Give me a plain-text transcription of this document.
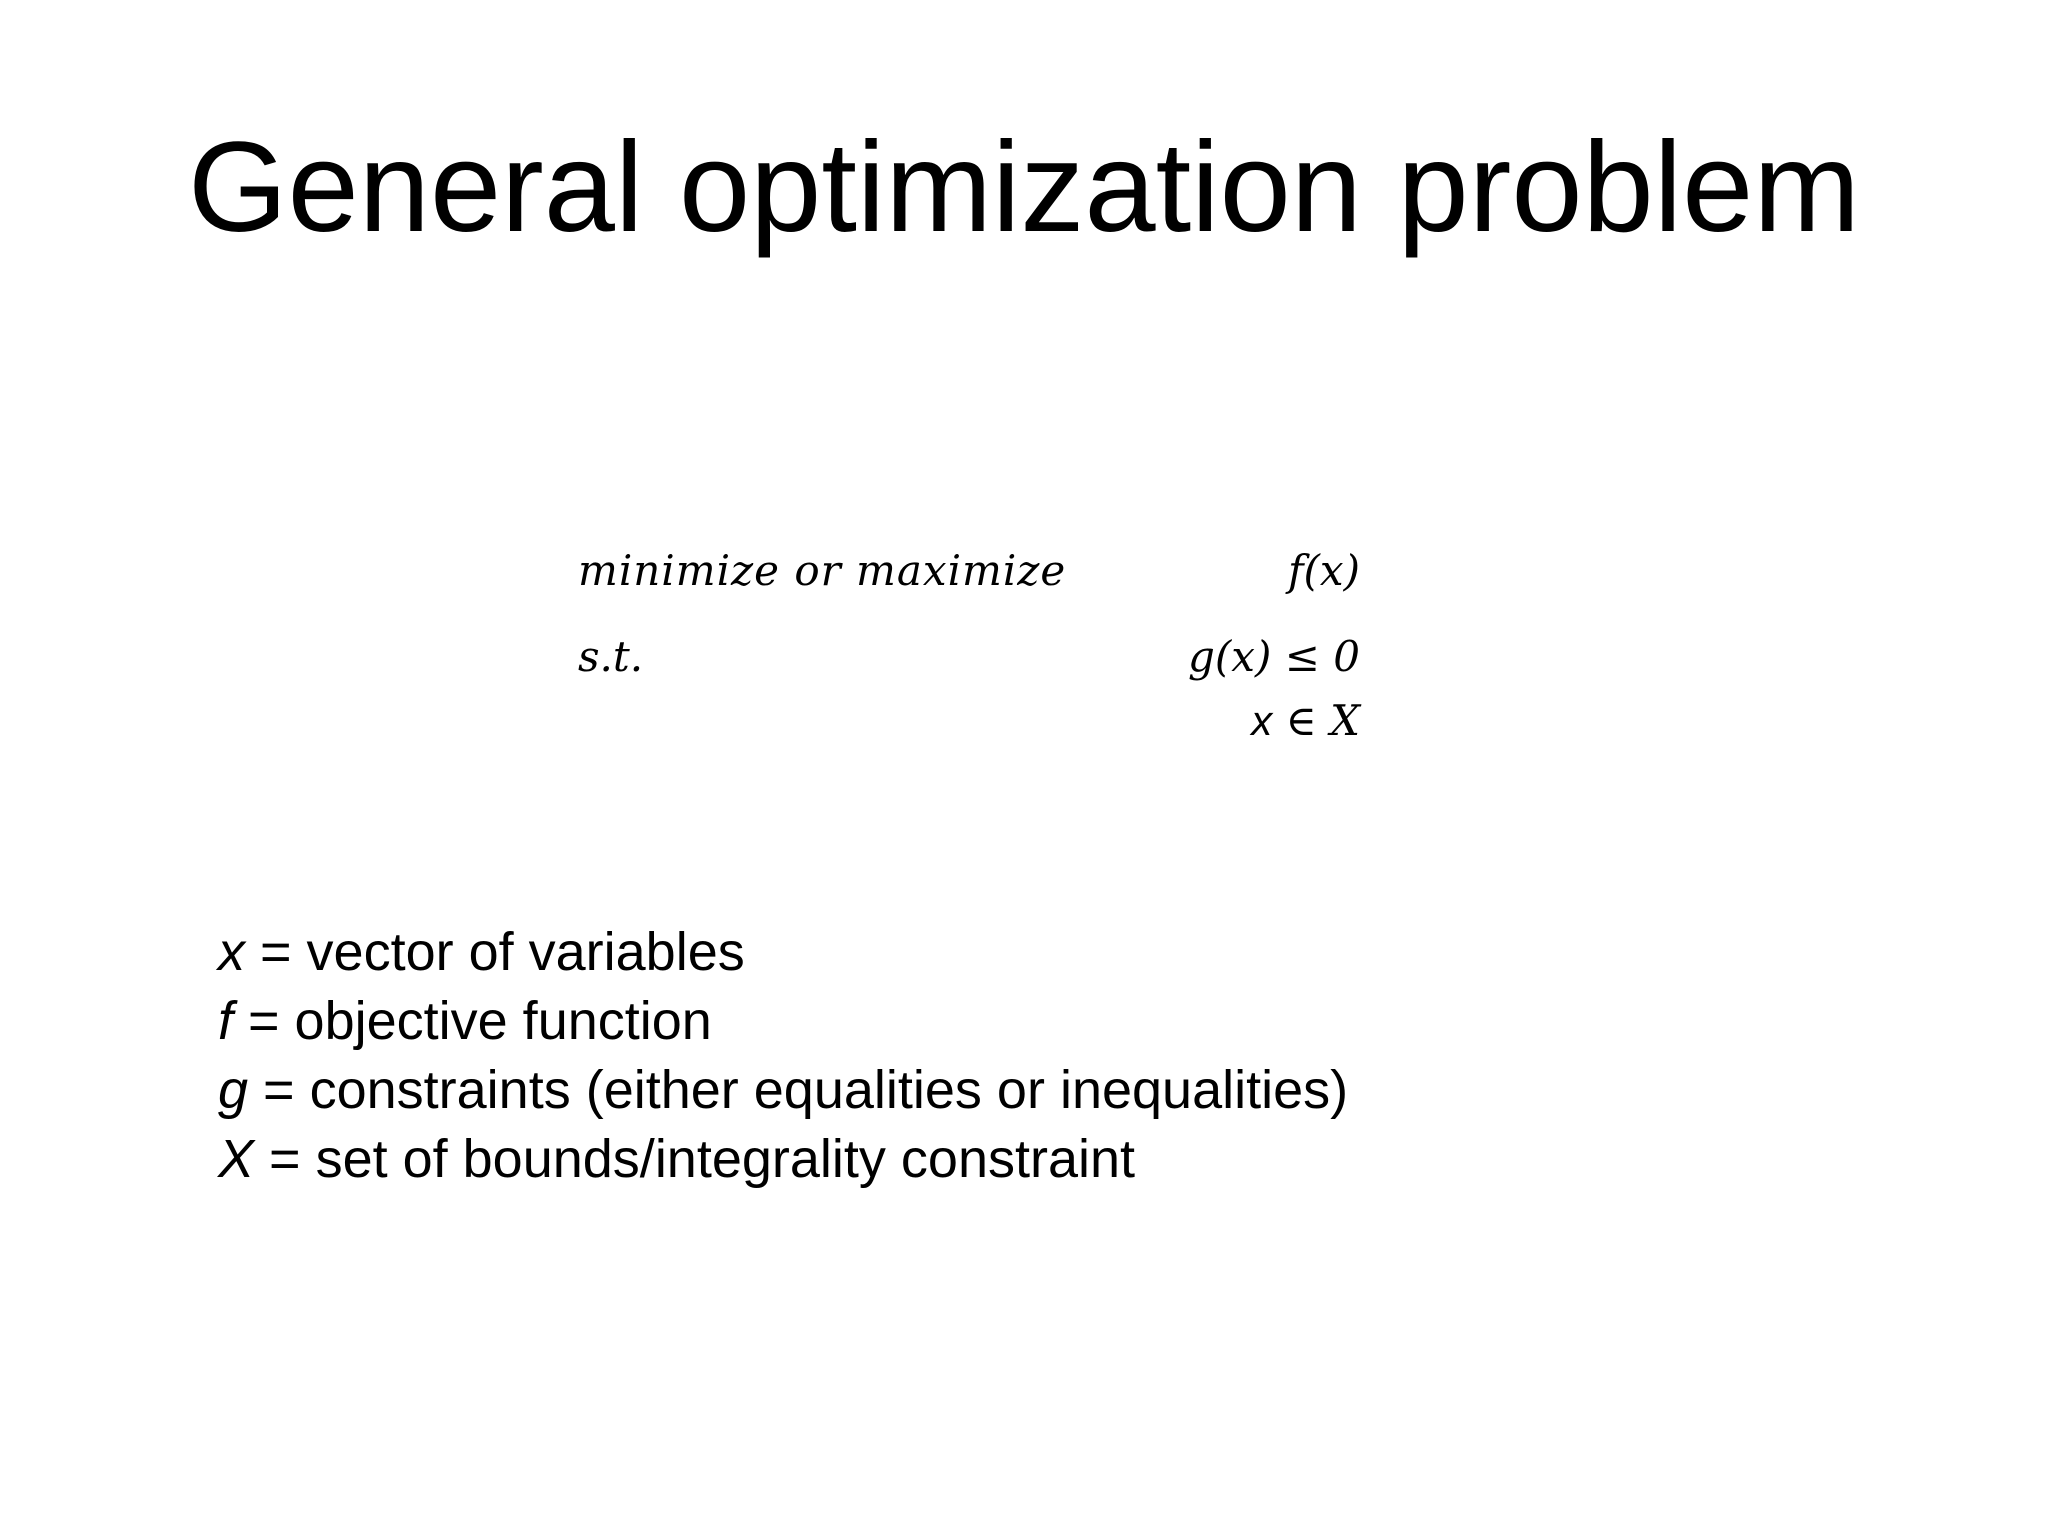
General optimization problem
minimize or maximize	f(x)
s.t.	g(x) ≤ 0
x ∈ X
x = vector of variables
f = objective function
g = constraints (either equalities or inequalities)
X = set of bounds/integrality constraint
